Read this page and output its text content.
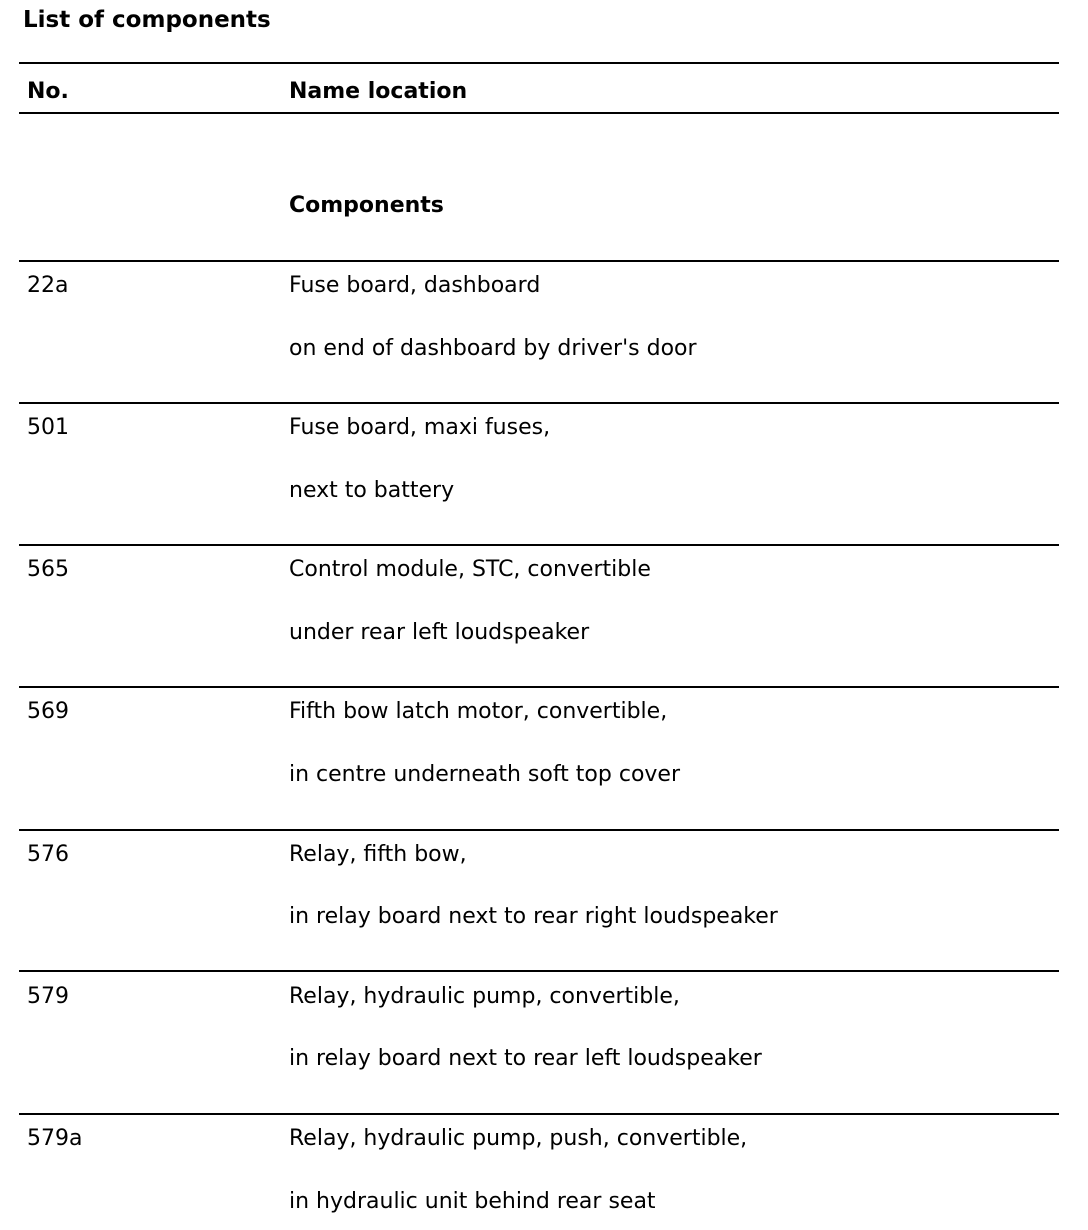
List of components
No.	Name location
Components
22a	Fuse board, dashboard
on end of dashboard by driver's door
501	Fuse board, maxi fuses,
next to battery
565	Control module, STC, convertible
under rear left loudspeaker
569	Fifth bow latch motor, convertible,
in centre underneath soft top cover
576	Relay, fifth bow,
in relay board next to rear right loudspeaker
579	Relay, hydraulic pump, convertible,
in relay board next to rear left loudspeaker
579a	Relay, hydraulic pump, push, convertible,
in hydraulic unit behind rear seat
